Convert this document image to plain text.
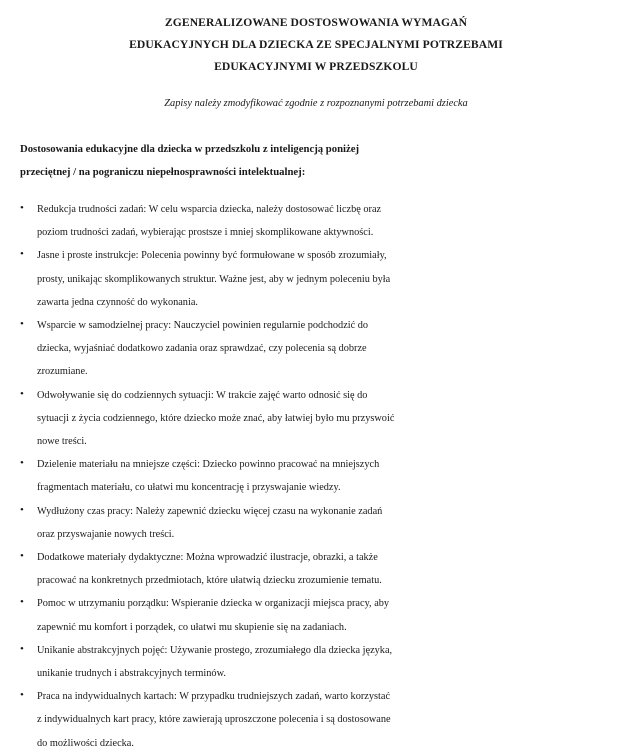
ZGENERALIZOWANE DOSTOSWOWANIA WYMAGAŃ
EDUKACYJNYCH DLA DZIECKA ZE SPECJALNYMI POTRZEBAMI
EDUKACYJNYMI W PRZEDSZKOLU
Zapisy należy zmodyfikować zgodnie z rozpoznanymi potrzebami dziecka
Dostosowania edukacyjne dla dziecka w przedszkolu z inteligencją poniżej
przeciętnej / na pograniczu niepełnosprawności intelektualnej:
• Redukcja trudności zadań: W celu wsparcia dziecka, należy dostosować liczbę oraz
poziom trudności zadań, wybierając prostsze i mniej skomplikowane aktywności.
• Jasne i proste instrukcje: Polecenia powinny być formułowane w sposób zrozumiały,
prosty, unikając skomplikowanych struktur. Ważne jest, aby w jednym poleceniu była
zawarta jedna czynność do wykonania.
• Wsparcie w samodzielnej pracy: Nauczyciel powinien regularnie podchodzić do
dziecka, wyjaśniać dodatkowo zadania oraz sprawdzać, czy polecenia są dobrze
zrozumiane.
• Odwoływanie się do codziennych sytuacji: W trakcie zajęć warto odnosić się do
sytuacji z życia codziennego, które dziecko może znać, aby łatwiej było mu przyswoić
nowe treści.
• Dzielenie materiału na mniejsze części: Dziecko powinno pracować na mniejszych
fragmentach materiału, co ułatwi mu koncentrację i przyswajanie wiedzy.
• Wydłużony czas pracy: Należy zapewnić dziecku więcej czasu na wykonanie zadań
oraz przyswajanie nowych treści.
• Dodatkowe materiały dydaktyczne: Można wprowadzić ilustracje, obrazki, a także
pracować na konkretnych przedmiotach, które ułatwią dziecku zrozumienie tematu.
• Pomoc w utrzymaniu porządku: Wspieranie dziecka w organizacji miejsca pracy, aby
zapewnić mu komfort i porządek, co ułatwi mu skupienie się na zadaniach.
• Unikanie abstrakcyjnych pojęć: Używanie prostego, zrozumiałego dla dziecka języka,
unikanie trudnych i abstrakcyjnych terminów.
• Praca na indywidualnych kartach: W przypadku trudniejszych zadań, warto korzystać
z indywidualnych kart pracy, które zawierają uproszczone polecenia i są dostosowane
do możliwości dziecka.
